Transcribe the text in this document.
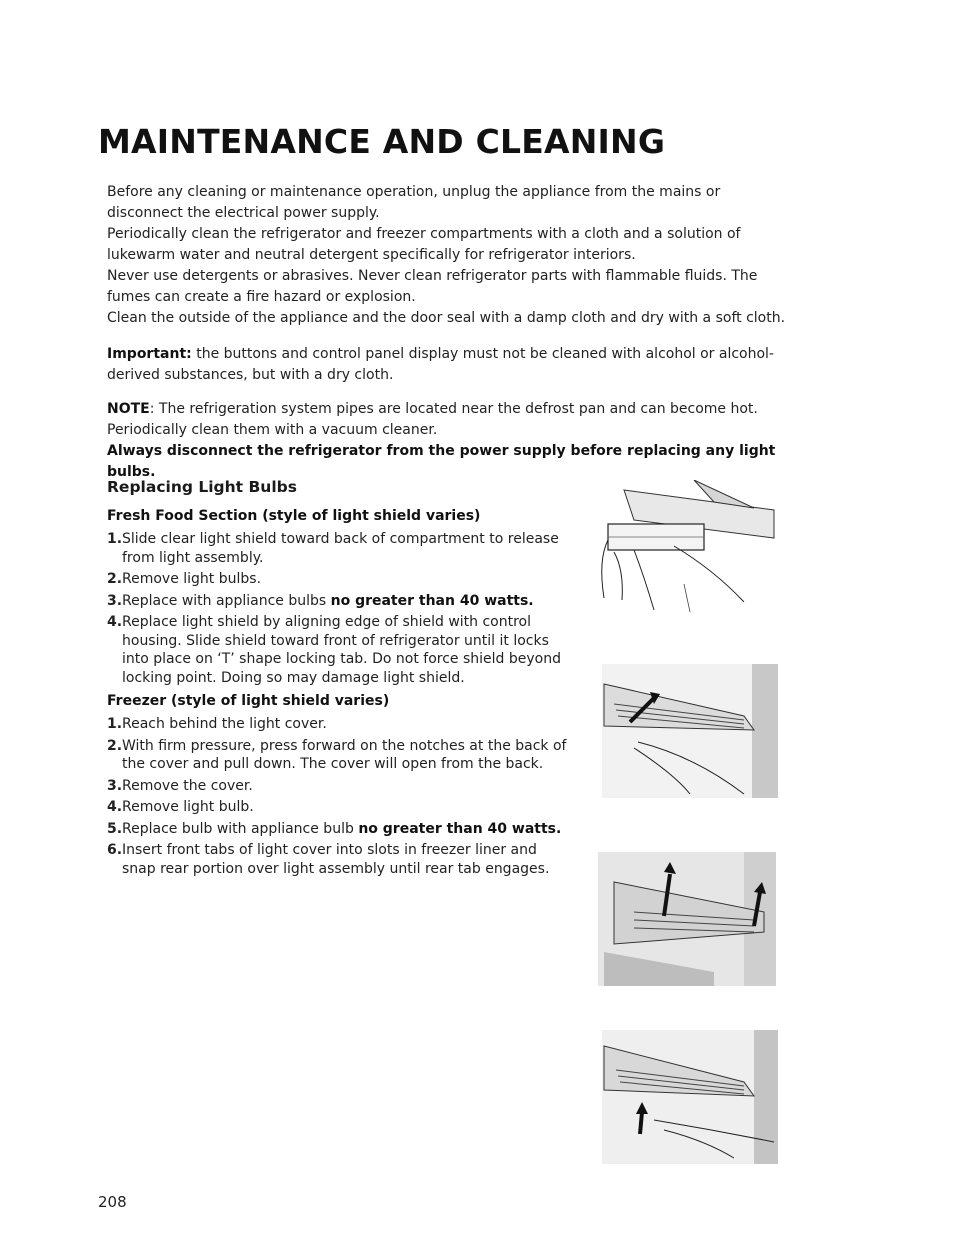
MAINTENANCE AND CLEANING

Before any cleaning or maintenance operation, unplug the appliance from the mains or disconnect the electrical power supply.

Periodically clean the refrigerator and freezer compartments with a cloth and a solution of lukewarm water and neutral detergent specifically for refrigerator interiors.

Never use detergents or abrasives. Never clean refrigerator parts with flammable fluids. The fumes can create a fire hazard or explosion.

Clean the outside of the appliance and the door seal with a damp cloth and dry with a soft cloth.

Important: the buttons and control panel display must not be cleaned with alcohol or alcohol-derived substances, but with a dry cloth.

NOTE: The refrigeration system pipes are located near the defrost pan and can become hot. Periodically clean them with a vacuum cleaner.

Always disconnect the refrigerator from the power supply before replacing any light bulbs.

Replacing Light Bulbs
Fresh Food Section (style of light shield varies)
1. Slide clear light shield toward back of compartment to release from light assembly.
2. Remove light bulbs.
3. Replace with appliance bulbs no greater than 40 watts.
4. Replace light shield by aligning edge of shield with control housing. Slide shield toward front of refrigerator until it locks into place on ‘T’ shape locking tab. Do not force shield beyond locking point. Doing so may damage light shield.
Freezer (style of light shield varies)
1. Reach behind the light cover.
2. With firm pressure, press forward on the notches at the back of the cover and pull down. The cover will open from the back.
3. Remove the cover.
4. Remove light bulb.
5. Replace bulb with appliance bulb no greater than 40 watts.
6. Insert front tabs of light cover into slots in freezer liner and snap rear portion over light assembly until rear tab engages.
208
